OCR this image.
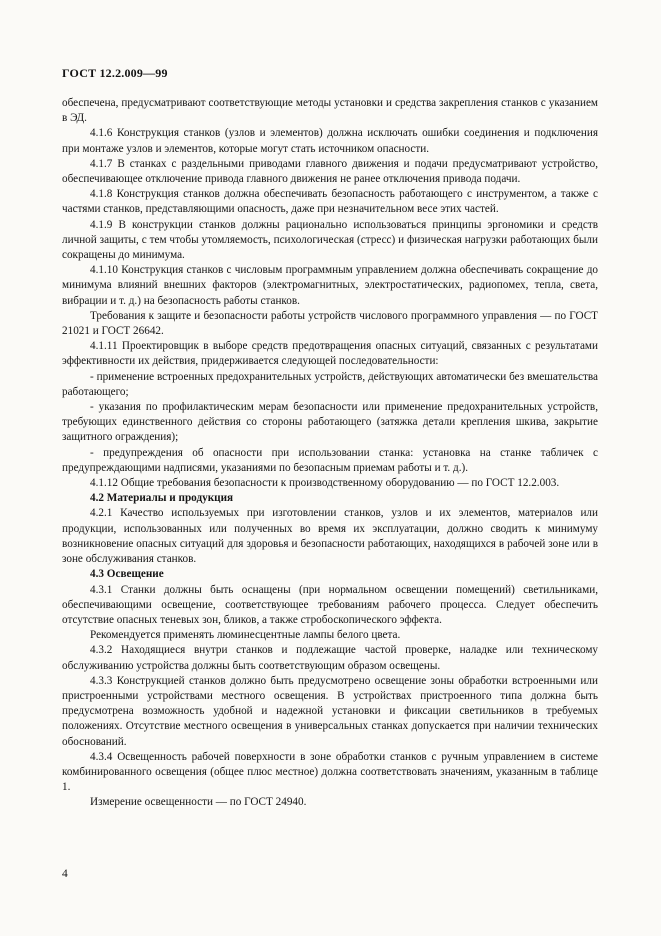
ГОСТ 12.2.009—99

обеспечена, предусматривают соответствующие методы установки и средства закрепления станков с указанием в ЭД.

4.1.6 Конструкция станков (узлов и элементов) должна исключать ошибки соединения и подключения при монтаже узлов и элементов, которые могут стать источником опасности.

4.1.7 В станках с раздельными приводами главного движения и подачи предусматривают устройство, обеспечивающее отключение привода главного движения не ранее отключения привода подачи.

4.1.8 Конструкция станков должна обеспечивать безопасность работающего с инструментом, а также с частями станков, представляющими опасность, даже при незначительном весе этих частей.

4.1.9 В конструкции станков должны рационально использоваться принципы эргономики и средств личной защиты, с тем чтобы утомляемость, психологическая (стресс) и физическая нагрузки работающих были сокращены до минимума.

4.1.10 Конструкция станков с числовым программным управлением должна обеспечивать сокращение до минимума влияний внешних факторов (электромагнитных, электростатических, радиопомех, тепла, света, вибрации и т. д.) на безопасность работы станков.

Требования к защите и безопасности работы устройств числового программного управления — по ГОСТ 21021 и ГОСТ 26642.

4.1.11 Проектировщик в выборе средств предотвращения опасных ситуаций, связанных с результатами эффективности их действия, придерживается следующей последовательности:

- применение встроенных предохранительных устройств, действующих автоматически без вмешательства работающего;

- указания по профилактическим мерам безопасности или применение предохранительных устройств, требующих единственного действия со стороны работающего (затяжка детали крепления шкива, закрытие защитного ограждения);

- предупреждения об опасности при использовании станка: установка на станке табличек с предупреждающими надписями, указаниями по безопасным приемам работы и т. д.).

4.1.12 Общие требования безопасности к производственному оборудованию — по ГОСТ 12.2.003.

4.2 Материалы и продукция

4.2.1 Качество используемых при изготовлении станков, узлов и их элементов, материалов или продукции, использованных или полученных во время их эксплуатации, должно сводить к минимуму возникновение опасных ситуаций для здоровья и безопасности работающих, находящихся в рабочей зоне или в зоне обслуживания станков.

4.3 Освещение

4.3.1 Станки должны быть оснащены (при нормальном освещении помещений) светильниками, обеспечивающими освещение, соответствующее требованиям рабочего процесса. Следует обеспечить отсутствие опасных теневых зон, бликов, а также стробоскопического эффекта.

Рекомендуется применять люминесцентные лампы белого цвета.

4.3.2 Находящиеся внутри станков и подлежащие частой проверке, наладке или техническому обслуживанию устройства должны быть соответствующим образом освещены.

4.3.3 Конструкцией станков должно быть предусмотрено освещение зоны обработки встроенными или пристроенными устройствами местного освещения. В устройствах пристроенного типа должна быть предусмотрена возможность удобной и надежной установки и фиксации светильников в требуемых положениях. Отсутствие местного освещения в универсальных станках допускается при наличии технических обоснований.

4.3.4 Освещенность рабочей поверхности в зоне обработки станков с ручным управлением в системе комбинированного освещения (общее плюс местное) должна соответствовать значениям, указанным в таблице 1.

Измерение освещенности — по ГОСТ 24940.

4
